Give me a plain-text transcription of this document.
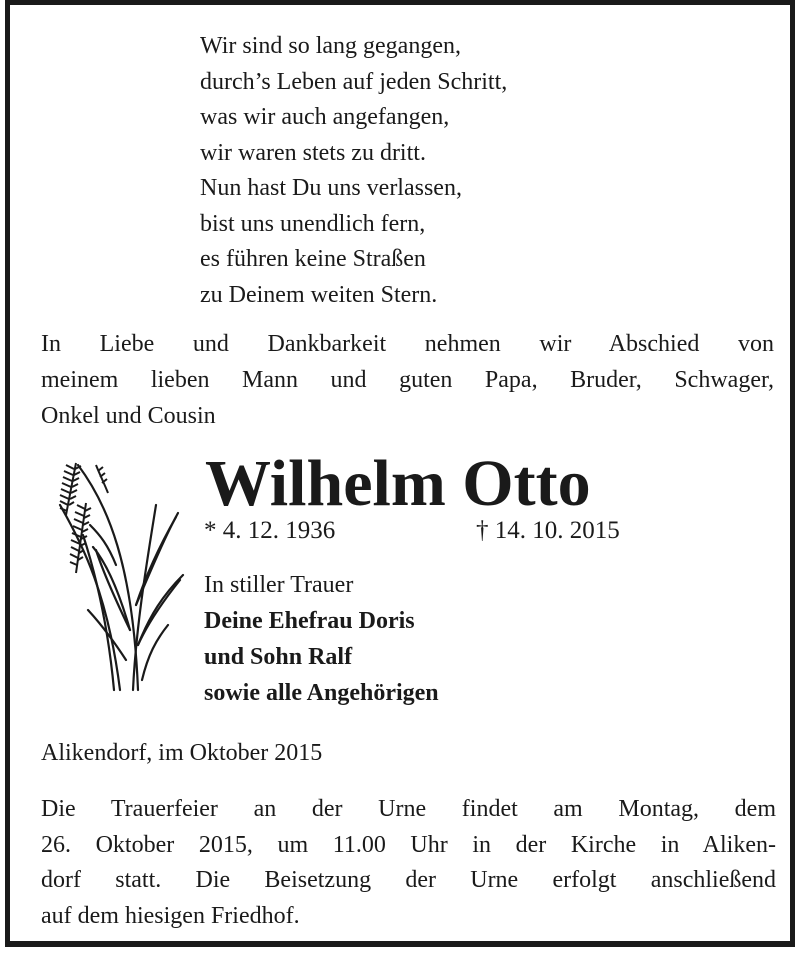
Wir sind so lang gegangen,
durch’s Leben auf jeden Schritt,
was wir auch angefangen,
wir waren stets zu dritt.
Nun hast Du uns verlassen,
bist uns unendlich fern,
es führen keine Straßen
zu Deinem weiten Stern.
In Liebe und Dankbarkeit nehmen wir Abschied von
meinem lieben Mann und guten Papa, Bruder, Schwager,
Onkel und Cousin
Wilhelm Otto
* 4. 12. 1936	† 14. 10. 2015
In stiller Trauer
Deine Ehefrau Doris
und Sohn Ralf
sowie alle Angehörigen
Alikendorf, im Oktober 2015
Die Trauerfeier an der Urne findet am Montag, dem
26. Oktober 2015, um 11.00 Uhr in der Kirche in Aliken-
dorf statt. Die Beisetzung der Urne erfolgt anschließend
auf dem hiesigen Friedhof.
